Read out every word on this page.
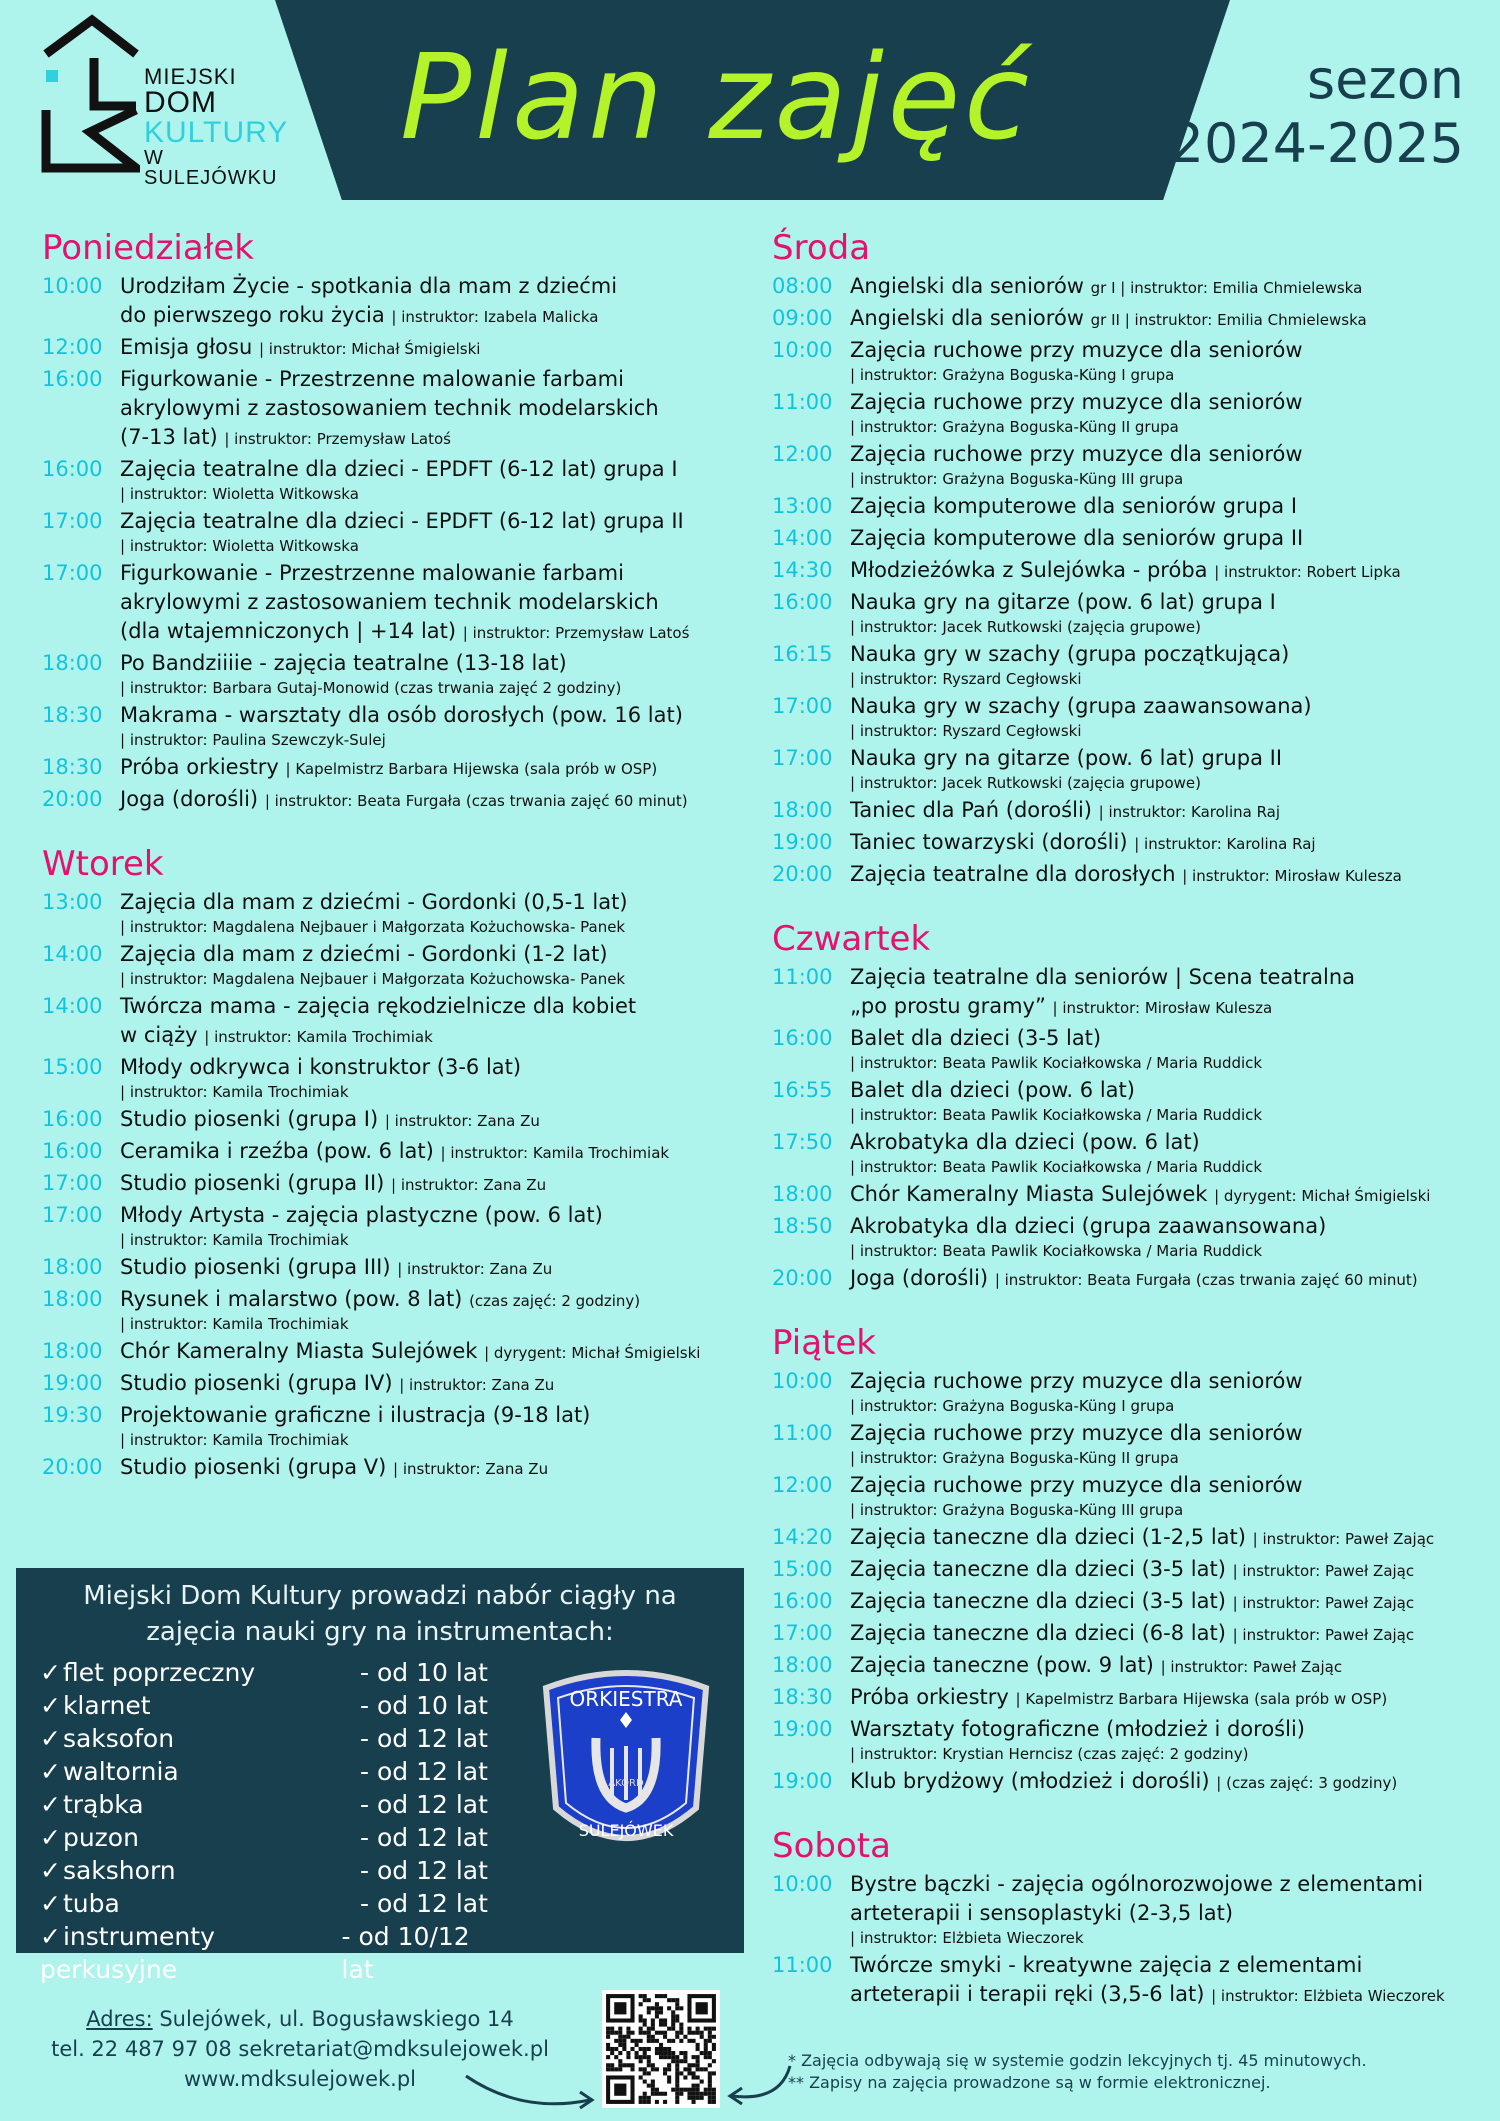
MIEJSKI
DOM
KULTURY
W SULEJÓWKU
Plan zajęć	sezon
2024-2025
Poniedziałek
10:00 Urodziłam Życie - spotkania dla mam z dziećmi
do pierwszego roku życia | instruktor: Izabela Malicka
12:00 Emisja głosu | instruktor: Michał Śmigielski
16:00 Figurkowanie - Przestrzenne malowanie farbami
akrylowymi z zastosowaniem technik modelarskich
(7-13 lat) | instruktor: Przemysław Latoś
16:00 Zajęcia teatralne dla dzieci - EPDFT (6-12 lat) grupa I
| instruktor: Wioletta Witkowska
17:00 Zajęcia teatralne dla dzieci - EPDFT (6-12 lat) grupa II
| instruktor: Wioletta Witkowska
17:00 Figurkowanie - Przestrzenne malowanie farbami
akrylowymi z zastosowaniem technik modelarskich
(dla wtajemniczonych | +14 lat) | instruktor: Przemysław Latoś
18:00 Po Bandziiiie - zajęcia teatralne (13-18 lat)
| instruktor: Barbara Gutaj-Monowid (czas trwania zajęć 2 godziny)
18:30 Makrama - warsztaty dla osób dorosłych (pow. 16 lat)
| instruktor: Paulina Szewczyk-Sulej
18:30 Próba orkiestry | Kapelmistrz Barbara Hijewska (sala prób w OSP)
20:00 Joga (dorośli) | instruktor: Beata Furgała (czas trwania zajęć 60 minut)
Wtorek
13:00 Zajęcia dla mam z dziećmi - Gordonki (0,5-1 lat)
| instruktor: Magdalena Nejbauer i Małgorzata Kożuchowska- Panek
14:00 Zajęcia dla mam z dziećmi - Gordonki (1-2 lat)
| instruktor: Magdalena Nejbauer i Małgorzata Kożuchowska- Panek
14:00 Twórcza mama - zajęcia rękodzielnicze dla kobiet
w ciąży | instruktor: Kamila Trochimiak
15:00 Młody odkrywca i konstruktor (3-6 lat)
| instruktor: Kamila Trochimiak
16:00 Studio piosenki (grupa I) | instruktor: Zana Zu
16:00 Ceramika i rzeźba (pow. 6 lat) | instruktor: Kamila Trochimiak
17:00 Studio piosenki (grupa II) | instruktor: Zana Zu
17:00 Młody Artysta - zajęcia plastyczne (pow. 6 lat)
| instruktor: Kamila Trochimiak
18:00 Studio piosenki (grupa III) | instruktor: Zana Zu
18:00 Rysunek i malarstwo (pow. 8 lat) (czas zajęć: 2 godziny)
| instruktor: Kamila Trochimiak
18:00 Chór Kameralny Miasta Sulejówek | dyrygent: Michał Śmigielski
19:00 Studio piosenki (grupa IV) | instruktor: Zana Zu
19:30 Projektowanie graficzne i ilustracja (9-18 lat)
| instruktor: Kamila Trochimiak
20:00 Studio piosenki (grupa V) | instruktor: Zana Zu
Środa
08:00 Angielski dla seniorów gr I | instruktor: Emilia Chmielewska
09:00 Angielski dla seniorów gr II | instruktor: Emilia Chmielewska
10:00 Zajęcia ruchowe przy muzyce dla seniorów
| instruktor: Grażyna Boguska-Küng I grupa
11:00 Zajęcia ruchowe przy muzyce dla seniorów
| instruktor: Grażyna Boguska-Küng II grupa
12:00 Zajęcia ruchowe przy muzyce dla seniorów
| instruktor: Grażyna Boguska-Küng III grupa
13:00 Zajęcia komputerowe dla seniorów grupa I
14:00 Zajęcia komputerowe dla seniorów grupa II
14:30 Młodzieżówka z Sulejówka - próba | instruktor: Robert Lipka
16:00 Nauka gry na gitarze (pow. 6 lat) grupa I
| instruktor: Jacek Rutkowski (zajęcia grupowe)
16:15 Nauka gry w szachy (grupa początkująca)
| instruktor: Ryszard Cegłowski
17:00 Nauka gry w szachy (grupa zaawansowana)
| instruktor: Ryszard Cegłowski
17:00 Nauka gry na gitarze (pow. 6 lat) grupa II
| instruktor: Jacek Rutkowski (zajęcia grupowe)
18:00 Taniec dla Pań (dorośli) | instruktor: Karolina Raj
19:00 Taniec towarzyski (dorośli) | instruktor: Karolina Raj
20:00 Zajęcia teatralne dla dorosłych | instruktor: Mirosław Kulesza
Czwartek
11:00 Zajęcia teatralne dla seniorów | Scena teatralna
„po prostu gramy” | instruktor: Mirosław Kulesza
16:00 Balet dla dzieci (3-5 lat)
| instruktor: Beata Pawlik Kociałkowska / Maria Ruddick
16:55 Balet dla dzieci (pow. 6 lat)
| instruktor: Beata Pawlik Kociałkowska / Maria Ruddick
17:50 Akrobatyka dla dzieci (pow. 6 lat)
| instruktor: Beata Pawlik Kociałkowska / Maria Ruddick
18:00 Chór Kameralny Miasta Sulejówek | dyrygent: Michał Śmigielski
18:50 Akrobatyka dla dzieci (grupa zaawansowana)
| instruktor: Beata Pawlik Kociałkowska / Maria Ruddick
20:00 Joga (dorośli) | instruktor: Beata Furgała (czas trwania zajęć 60 minut)
Piątek
10:00 Zajęcia ruchowe przy muzyce dla seniorów
| instruktor: Grażyna Boguska-Küng I grupa
11:00 Zajęcia ruchowe przy muzyce dla seniorów
| instruktor: Grażyna Boguska-Küng II grupa
12:00 Zajęcia ruchowe przy muzyce dla seniorów
| instruktor: Grażyna Boguska-Küng III grupa
14:20 Zajęcia taneczne dla dzieci (1-2,5 lat) | instruktor: Paweł Zając
15:00 Zajęcia taneczne dla dzieci (3-5 lat) | instruktor: Paweł Zając
16:00 Zajęcia taneczne dla dzieci (3-5 lat) | instruktor: Paweł Zając
17:00 Zajęcia taneczne dla dzieci (6-8 lat) | instruktor: Paweł Zając
18:00 Zajęcia taneczne (pow. 9 lat) | instruktor: Paweł Zając
18:30 Próba orkiestry | Kapelmistrz Barbara Hijewska (sala prób w OSP)
19:00 Warsztaty fotograficzne (młodzież i dorośli)
| instruktor: Krystian Herncisz (czas zajęć: 2 godziny)
19:00 Klub brydżowy (młodzież i dorośli) | (czas zajęć: 3 godziny)
Sobota
10:00 Bystre bączki - zajęcia ogólnorozwojowe z elementami
arteterapii i sensoplastyki (2-3,5 lat)
| instruktor: Elżbieta Wieczorek
11:00 Twórcze smyki - kreatywne zajęcia z elementami
arteterapii i terapii ręki (3,5-6 lat) | instruktor: Elżbieta Wieczorek
Miejski Dom Kultury prowadzi nabór ciągły na
zajęcia nauki gry na instrumentach:
✓flet poprzeczny	- od 10 lat
✓klarnet	- od 10 lat
✓saksofon	- od 12 lat
✓waltornia	- od 12 lat
✓trąbka	- od 12 lat
✓puzon	- od 12 lat
✓sakshorn	- od 12 lat
✓tuba	- od 12 lat
✓instrumenty perkusyjne
- od 10/12 lat
ORKIESTRA
AKORD
SULEJÓWEK
Adres: Sulejówek, ul. Bogusławskiego 14
tel. 22 487 97 08 sekretariat@mdksulejowek.pl
www.mdksulejowek.pl
* Zajęcia odbywają się w systemie godzin lekcyjnych tj. 45 minutowych.
** Zapisy na zajęcia prowadzone są w formie elektronicznej.
